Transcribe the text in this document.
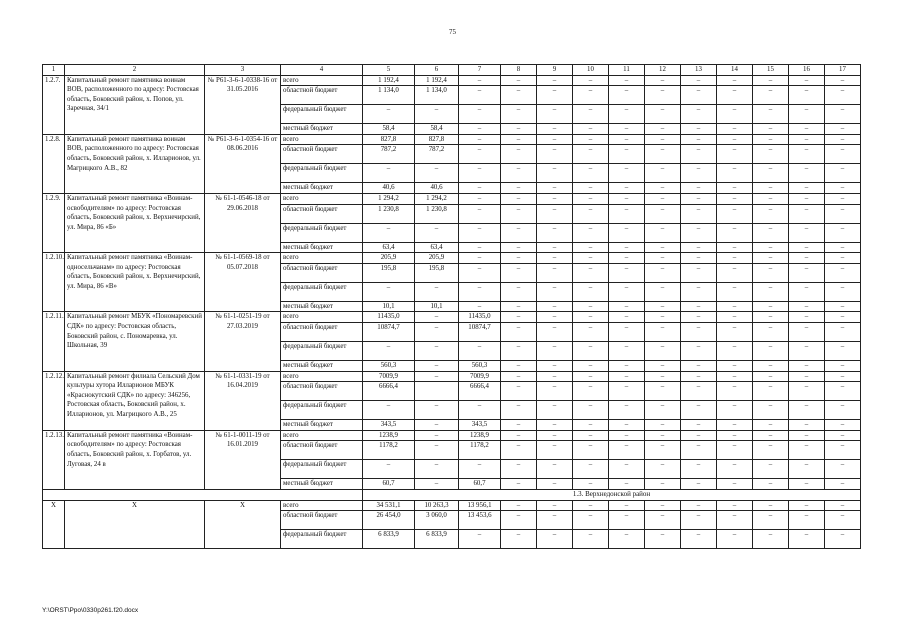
75
1	2	3	4	5	6	7	8	9	10	11	12	13	14	15	16	17
1.2.7.	Капитальный ремонт памятника воинам ВОВ, расположенного по адресу: Ростовская область, Боковский район, х. Попов, ул. Заречная, 34/1	№ Р61-3-6-1-0338-16 от 31.05.2016	всего	1 192,4	1 192,4	–	–	–	–	–	–	–	–	–	–	–
			областной бюджет	1 134,0	1 134,0	–	–	–	–	–	–	–	–	–	–	–
			федеральный бюджет	–	–	–	–	–	–	–	–	–	–	–	–	–
			местный бюджет	58,4	58,4	–	–	–	–	–	–	–	–	–	–	–
1.2.8.	Капитальный ремонт памятника воинам ВОВ, расположенного по адресу: Ростовская область, Боковский район, х. Илларионов, ул. Магрицкого А.В., 82	№ Р61-3-6-1-0354-16 от 08.06.2016	всего	827,8	827,8	–	–	–	–	–	–	–	–	–	–	–
			областной бюджет	787,2	787,2	–	–	–	–	–	–	–	–	–	–	–
			федеральный бюджет	–	–	–	–	–	–	–	–	–	–	–	–	–
			местный бюджет	40,6	40,6	–	–	–	–	–	–	–	–	–	–	–
1.2.9.	Капитальный ремонт памятника «Воинам-освободителям» по адресу: Ростовская область, Боковский район, х. Верхнечирский, ул. Мира, 86 «Б»	№ 61-1-0546-18 от 29.06.2018	всего	1 294,2	1 294,2	–	–	–	–	–	–	–	–	–	–	–
			областной бюджет	1 230,8	1 230,8	–	–	–	–	–	–	–	–	–	–	–
			федеральный бюджет	–	–	–	–	–	–	–	–	–	–	–	–	–
			местный бюджет	63,4	63,4	–	–	–	–	–	–	–	–	–	–	–
1.2.10.	Капитальный ремонт памятника «Воинам-односельчанам» по адресу: Ростовская область, Боковский район, х. Верхнечирский, ул. Мира, 86 «В»	№ 61-1-0569-18 от 05.07.2018	всего	205,9	205,9	–	–	–	–	–	–	–	–	–	–	–
			областной бюджет	195,8	195,8	–	–	–	–	–	–	–	–	–	–	–
			федеральный бюджет	–	–	–	–	–	–	–	–	–	–	–	–	–
			местный бюджет	10,1	10,1	–	–	–	–	–	–	–	–	–	–	–
1.2.11.	Капитальный ремонт МБУК «Пономаревский СДК» по адресу: Ростовская область, Боковский район, с. Пономаревка, ул. Школьная, 39	№ 61-1-0251-19 от 27.03.2019	всего	11435,0	–	11435,0	–	–	–	–	–	–	–	–	–	–
			областной бюджет	10874,7	–	10874,7	–	–	–	–	–	–	–	–	–	–
			федеральный бюджет	–	–	–	–	–	–	–	–	–	–	–	–	–
			местный бюджет	560,3	–	560,3	–	–	–	–	–	–	–	–	–	–
1.2.12.	Капитальный ремонт филиала Сельский Дом культуры хутора Илларионов МБУК «Краснокутский СДК» по адресу: 346256, Ростовская область, Боковский район, х. Илларионов, ул. Магрицкого А.В., 25	№ 61-1-0331-19 от 16.04.2019	всего	7009,9	–	7009,9	–	–	–	–	–	–	–	–	–	–
			областной бюджет	6666,4		6666,4	–	–	–	–	–	–	–	–	–	–
			федеральный бюджет	–	–	–	–	–	–	–	–	–	–	–	–	–
			местный бюджет	343,5	–	343,5	–	–	–	–	–	–	–	–	–	–
1.2.13.	Капитальный ремонт памятника «Воинам-освободителям» по адресу: Ростовская область, Боковский район, х. Горбатов, ул. Луговая, 24 в	№ 61-1-0011-19 от 16.01.2019	всего	1238,9	–	1238,9	–	–	–	–	–	–	–	–	–	–
			областной бюджет	1178,2	–	1178,2	–	–	–	–	–	–	–	–	–	–
			федеральный бюджет	–	–	–	–	–	–	–	–	–	–	–	–	–
			местный бюджет	60,7	–	60,7	–	–	–	–	–	–	–	–	–	–
				1.3. Верхнедонской район												
Х	Х	Х	всего	34 531,1	10 263,3	13 956,1	–	–	–	–	–	–	–	–	–	–
			областной бюджет	26 454,0	3 060,0	13 453,6	–	–	–	–	–	–	–	–	–	–
			федеральный бюджет	6 833,9	6 833,9	–	–	–	–	–	–	–	–	–	–	–
Y:\ORST\Ppo\0330p261.f20.docx
